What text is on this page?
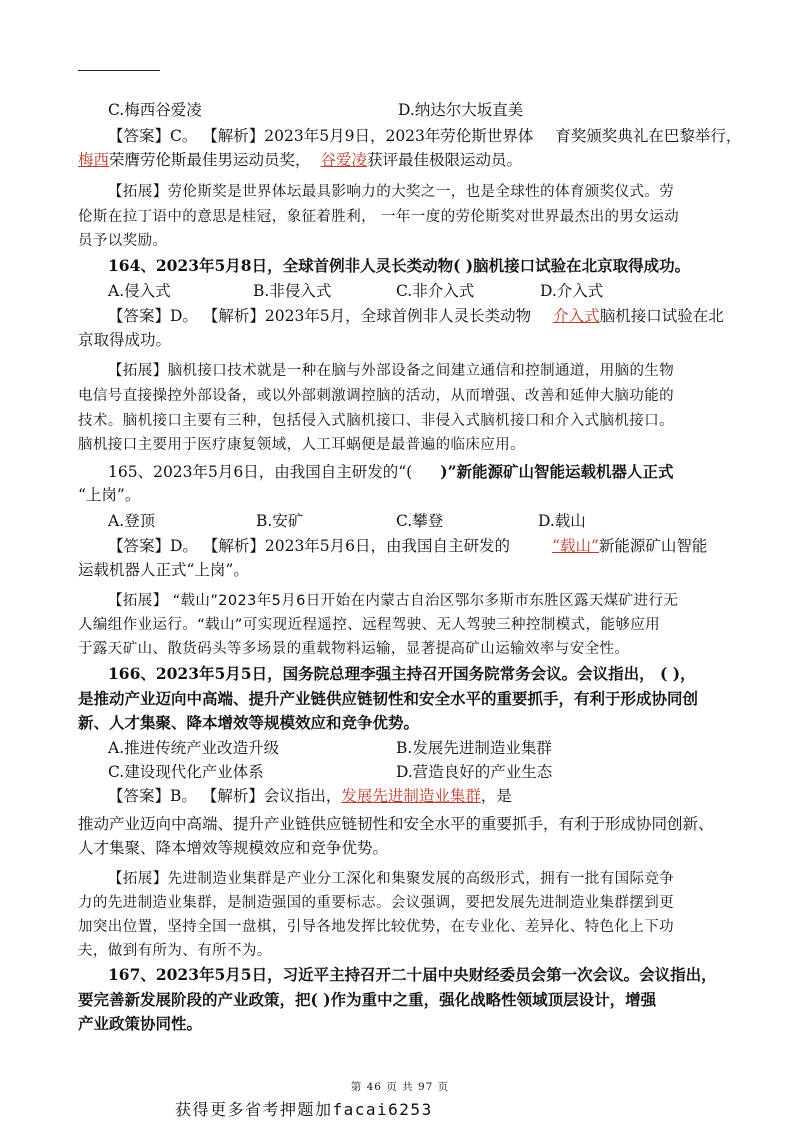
C.梅西谷爱凌	D.纳达尔大坂直美
【答案】C。 【解析】2023年5月9日，2023年劳伦斯世界体 育奖颁奖典礼在巴黎举行，
梅西荣膺劳伦斯最佳男运动员奖， 谷爱凌获评最佳极限运动员。
【拓展】劳伦斯奖是世界体坛最具影响力的大奖之一，也是全球性的体育颁奖仪式。劳
伦斯在拉丁语中的意思是桂冠，象征着胜利， 一年一度的劳伦斯奖对世界最杰出的男女运动
员予以奖励。
164、2023年5月8日，全球首例非人灵长类动物( )脑机接口试验在北京取得成功。
A.侵入式	B.非侵入式	C.非介入式	D.介入式
【答案】D。 【解析】2023年5月，全球首例非人灵长类动物 介入式脑机接口试验在北
京取得成功。
【拓展】脑机接口技术就是一种在脑与外部设备之间建立通信和控制通道，用脑的生物
电信号直接操控外部设备，或以外部刺激调控脑的活动，从而增强、改善和延伸大脑功能的
技术。脑机接口主要有三种，包括侵入式脑机接口、非侵入式脑机接口和介入式脑机接口。
脑机接口主要用于医疗康复领域，人工耳蜗便是最普遍的临床应用。
165、2023年5月6日，由我国自主研发的“( )”新能源矿山智能运载机器人正式
“上岗”。
A.登顶	B.安矿	C.攀登	D.载山
【答案】D。 【解析】2023年5月6日，由我国自主研发的	“载山”新能源矿山智能
运载机器人正式“上岗”。
【拓展】 “载山”2023年5月6日开始在内蒙古自治区鄂尔多斯市东胜区露天煤矿进行无
人编组作业运行。“载山”可实现近程遥控、远程驾驶、无人驾驶三种控制模式，能够应用
于露天矿山、散货码头等多场景的重载物料运输，显著提高矿山运输效率与安全性。
166、2023年5月5日，国务院总理李强主持召开国务院常务会议。会议指出， ( )，
是推动产业迈向中高端、提升产业链供应链韧性和安全水平的重要抓手，有利于形成协同创
新、人才集聚、降本增效等规模效应和竞争优势。
A.推进传统产业改造升级	B.发展先进制造业集群
C.建设现代化产业体系	D.营造良好的产业生态
【答案】B。 【解析】会议指出，发展先进制造业集群，是
推动产业迈向中高端、提升产业链供应链韧性和安全水平的重要抓手，有利于形成协同创新、
人才集聚、降本增效等规模效应和竞争优势。
【拓展】先进制造业集群是产业分工深化和集聚发展的高级形式，拥有一批有国际竞争
力的先进制造业集群，是制造强国的重要标志。会议强调，要把发展先进制造业集群摆到更
加突出位置，坚持全国一盘棋，引导各地发挥比较优势，在专业化、差异化、特色化上下功
夫，做到有所为、有所不为。
167、2023年5月5日，习近平主持召开二十届中央财经委员会第一次会议。会议指出，
要完善新发展阶段的产业政策，把( )作为重中之重，强化战略性领域顶层设计，增强
产业政策协同性。
第 46 页 共 97 页
获得更多省考押题加facai6253
